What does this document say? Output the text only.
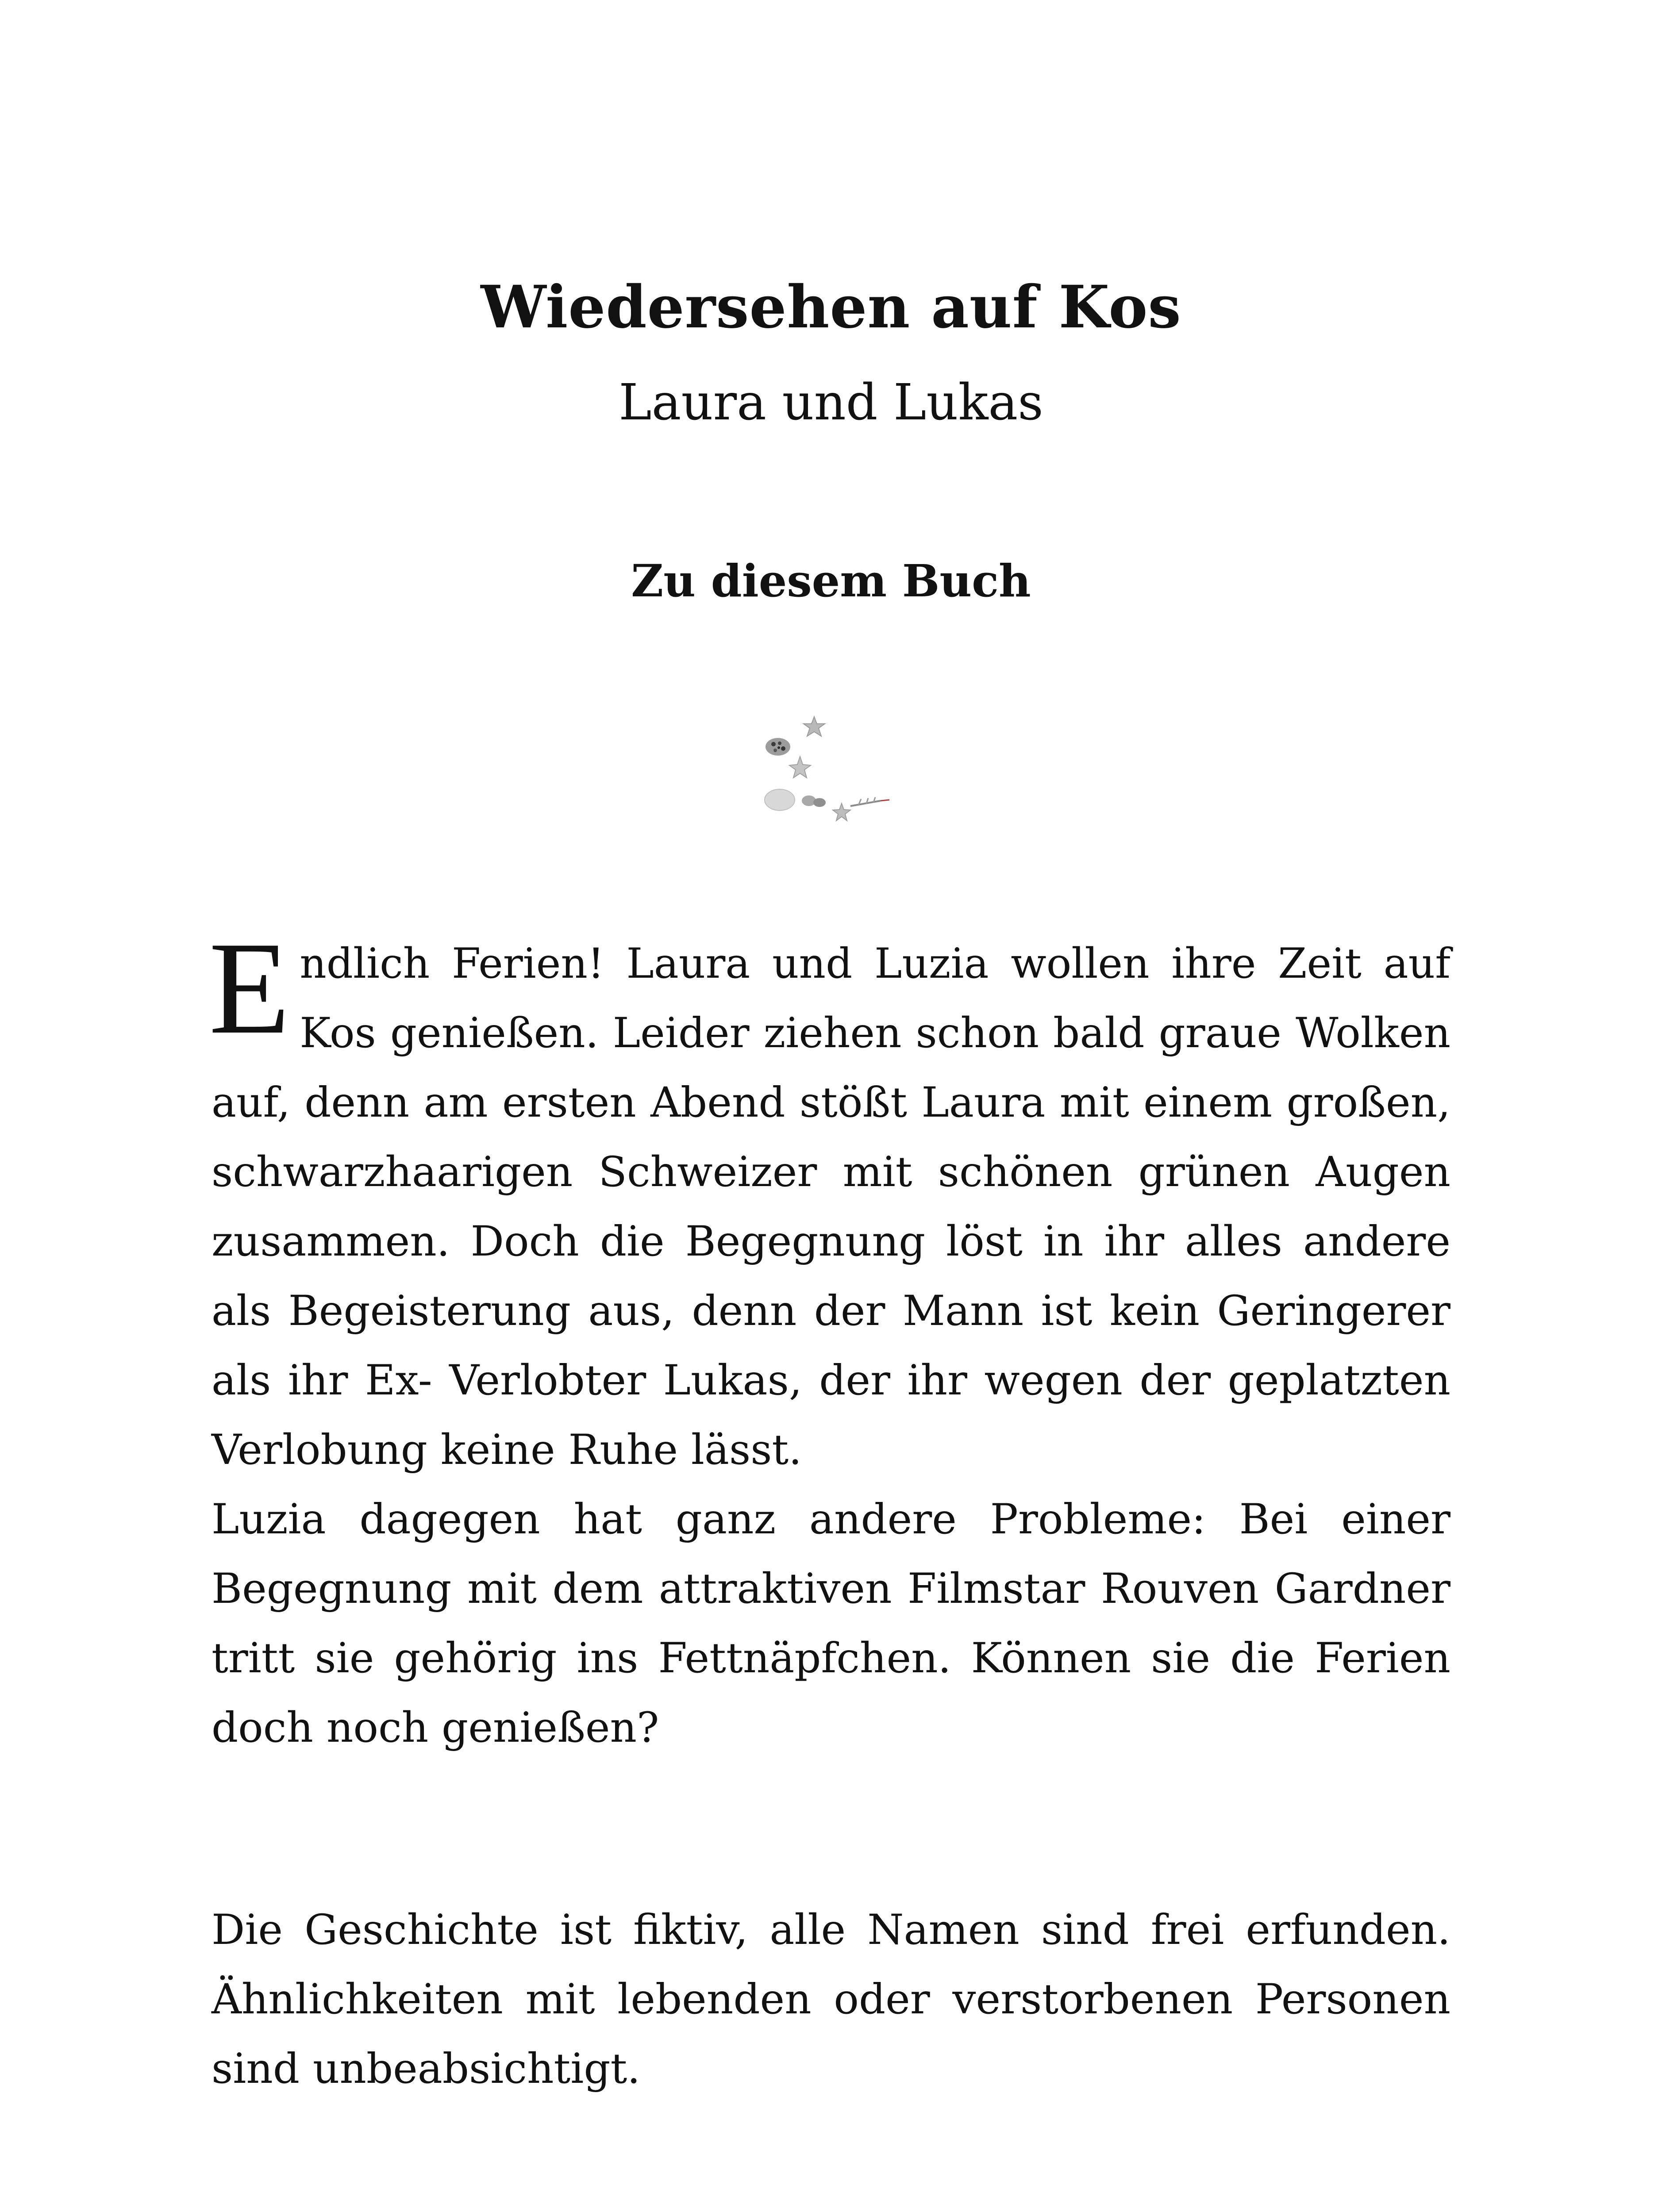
Wiedersehen auf Kos
Laura und Lukas
Zu diesem Buch

Endlich Ferien! Laura und Luzia wollen ihre Zeit auf Kos genießen. Leider ziehen schon bald graue Wolken auf, denn am ersten Abend stößt Laura mit einem großen, schwarzhaarigen Schweizer mit schönen grünen Augen zusammen. Doch die Begegnung löst in ihr alles andere als Begeisterung aus, denn der Mann ist kein Geringerer als ihr Ex- Verlobter Lukas, der ihr wegen der geplatzten Verlobung keine Ruhe lässt.

Luzia dagegen hat ganz andere Probleme: Bei einer Begegnung mit dem attraktiven Filmstar Rouven Gardner tritt sie gehörig ins Fettnäpfchen. Können sie die Ferien doch noch genießen?

Die Geschichte ist fiktiv, alle Namen sind frei erfunden. Ähnlichkeiten mit lebenden oder verstorbenen Personen sind unbeabsichtigt.
